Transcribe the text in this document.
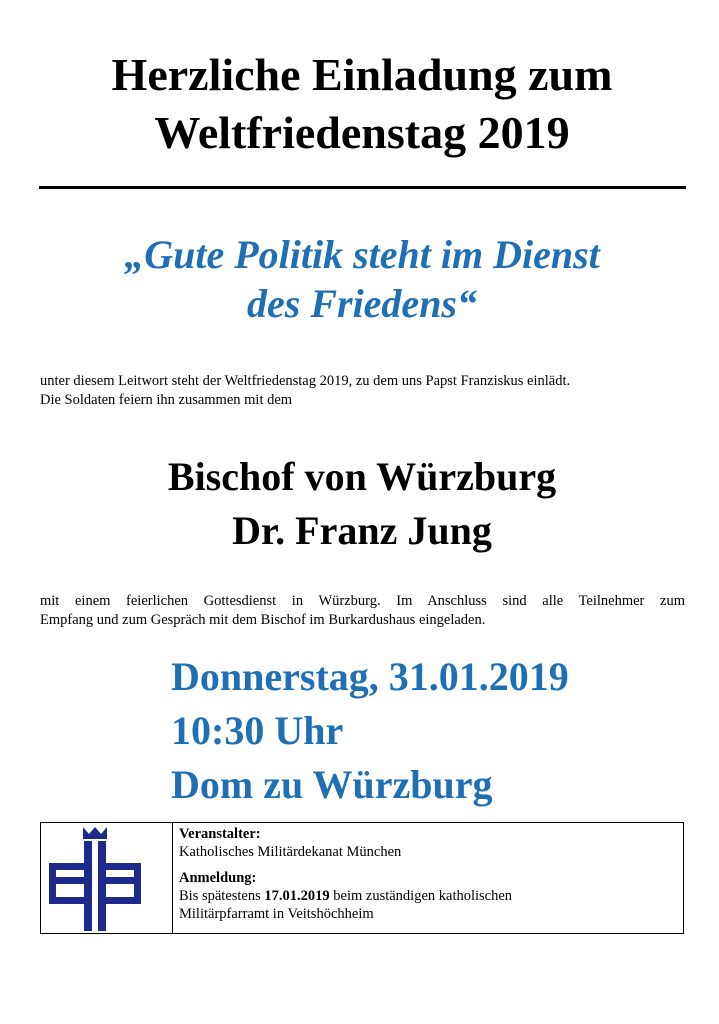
Herzliche Einladung zum
Weltfriedenstag 2019
„Gute Politik steht im Dienst
des Friedens“
unter diesem Leitwort steht der Weltfriedenstag 2019, zu dem uns Papst Franziskus einlädt.
Die Soldaten feiern ihn zusammen mit dem
Bischof von Würzburg
Dr. Franz Jung
mit einem feierlichen Gottesdienst in Würzburg. Im Anschluss sind alle Teilnehmer zum
Empfang und zum Gespräch mit dem Bischof im Burkardushaus eingeladen.
Donnerstag, 31.01.2019
10:30 Uhr
Dom zu Würzburg
Veranstalter:
Katholisches Militärdekanat München
Anmeldung:
Bis spätestens 17.01.2019 beim zuständigen katholischen
Militärpfarramt in Veitshöchheim
